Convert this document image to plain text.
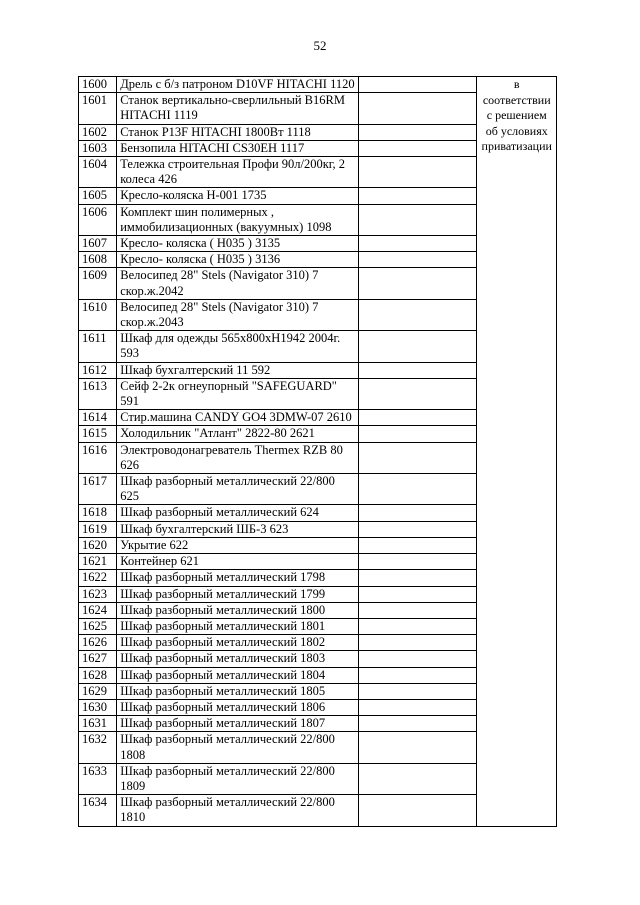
52
1600	Дрель с б/з патроном D10VF HITACHI 1120		в соответствии с решением об условиях приватизации
1601	Станок вертикально-сверлильный B16RM HITACHI 1119		
1602	Станок P13F HITACHI 1800Вт 1118		
1603	Бензопила HITACHI CS30EH 1117		
1604	Тележка строительная Профи 90л/200кг, 2 колеса 426		
1605	Кресло-коляска Н-001 1735		
1606	Комплект шин полимерных , иммобилизационных (вакуумных) 1098		
1607	Кресло- коляска ( Н035 ) 3135		
1608	Кресло- коляска ( Н035 ) 3136		
1609	Велосипед 28" Stels (Navigator 310) 7 скор.ж.2042		
1610	Велосипед 28" Stels (Navigator 310) 7 скор.ж.2043		
1611	Шкаф для одежды 565х800хН1942 2004г. 593		
1612	Шкаф бухгалтерский 11 592		
1613	Сейф 2-2к огнеупорный "SAFEGUARD" 591		
1614	Стир.машина CANDY GO4 3DMW-07 2610		
1615	Холодильник "Атлант" 2822-80 2621		
1616	Электроводонагреватель Thermex RZB 80 626		
1617	Шкаф разборный металлический 22/800 625		
1618	Шкаф разборный металлический 624		
1619	Шкаф бухгалтерский ШБ-3 623		
1620	Укрытие 622		
1621	Контейнер 621		
1622	Шкаф разборный металлический 1798		
1623	Шкаф разборный металлический 1799		
1624	Шкаф разборный металлический 1800		
1625	Шкаф разборный металлический 1801		
1626	Шкаф разборный металлический 1802		
1627	Шкаф разборный металлический 1803		
1628	Шкаф разборный металлический 1804		
1629	Шкаф разборный металлический 1805		
1630	Шкаф разборный металлический 1806		
1631	Шкаф разборный металлический 1807		
1632	Шкаф разборный металлический 22/800 1808		
1633	Шкаф разборный металлический 22/800 1809		
1634	Шкаф разборный металлический 22/800 1810		
